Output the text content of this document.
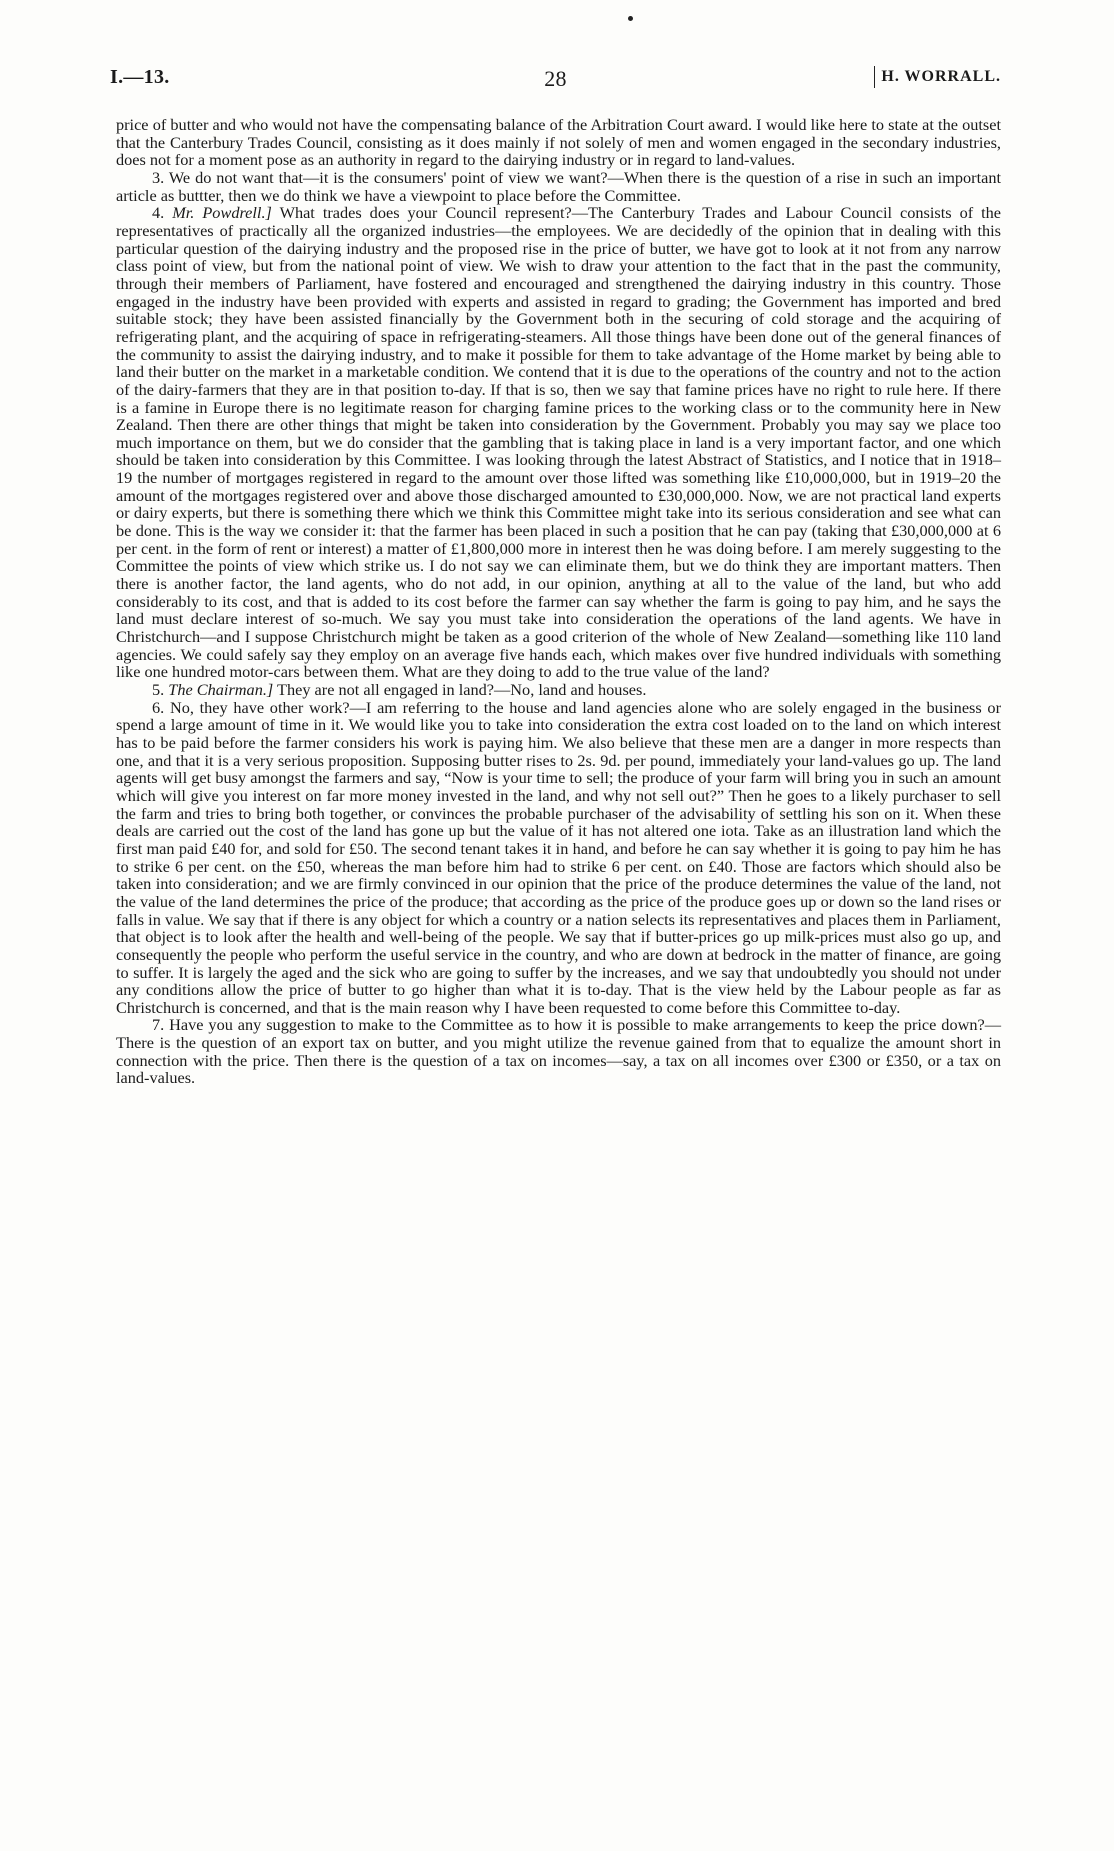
I.—13.	28	H. WORRALL.

price of butter and who would not have the compensating balance of the Arbitration Court award. I would like here to state at the outset that the Canterbury Trades Council, consisting as it does mainly if not solely of men and women engaged in the secondary industries, does not for a moment pose as an authority in regard to the dairying industry or in regard to land-values.

3. We do not want that—it is the consumers' point of view we want?—When there is the question of a rise in such an important article as buttter, then we do think we have a viewpoint to place before the Committee.

4. Mr. Powdrell.] What trades does your Council represent?—The Canterbury Trades and Labour Council consists of the representatives of practically all the organized industries—the employees. We are decidedly of the opinion that in dealing with this particular question of the dairying industry and the proposed rise in the price of butter, we have got to look at it not from any narrow class point of view, but from the national point of view. We wish to draw your attention to the fact that in the past the community, through their members of Parliament, have fostered and encouraged and strengthened the dairying industry in this country. Those engaged in the industry have been provided with experts and assisted in regard to grading; the Government has imported and bred suitable stock; they have been assisted financially by the Government both in the securing of cold storage and the acquiring of refrigerating plant, and the acquiring of space in refrigerating-steamers. All those things have been done out of the general finances of the community to assist the dairying industry, and to make it possible for them to take advantage of the Home market by being able to land their butter on the market in a marketable condition. We contend that it is due to the operations of the country and not to the action of the dairy-farmers that they are in that position to-day. If that is so, then we say that famine prices have no right to rule here. If there is a famine in Europe there is no legitimate reason for charging famine prices to the working class or to the community here in New Zealand. Then there are other things that might be taken into consideration by the Government. Probably you may say we place too much importance on them, but we do consider that the gambling that is taking place in land is a very important factor, and one which should be taken into consideration by this Committee. I was looking through the latest Abstract of Statistics, and I notice that in 1918–19 the number of mortgages registered in regard to the amount over those lifted was something like £10,000,000, but in 1919–20 the amount of the mortgages registered over and above those discharged amounted to £30,000,000. Now, we are not practical land experts or dairy experts, but there is something there which we think this Committee might take into its serious consideration and see what can be done. This is the way we consider it: that the farmer has been placed in such a position that he can pay (taking that £30,000,000 at 6 per cent. in the form of rent or interest) a matter of £1,800,000 more in interest then he was doing before. I am merely suggesting to the Committee the points of view which strike us. I do not say we can eliminate them, but we do think they are important matters. Then there is another factor, the land agents, who do not add, in our opinion, anything at all to the value of the land, but who add considerably to its cost, and that is added to its cost before the farmer can say whether the farm is going to pay him, and he says the land must declare interest of so-much. We say you must take into consideration the operations of the land agents. We have in Christchurch—and I suppose Christchurch might be taken as a good criterion of the whole of New Zealand—something like 110 land agencies. We could safely say they employ on an average five hands each, which makes over five hundred individuals with something like one hundred motor-cars between them. What are they doing to add to the true value of the land?

5. The Chairman.] They are not all engaged in land?—No, land and houses.

6. No, they have other work?—I am referring to the house and land agencies alone who are solely engaged in the business or spend a large amount of time in it. We would like you to take into consideration the extra cost loaded on to the land on which interest has to be paid before the farmer considers his work is paying him. We also believe that these men are a danger in more respects than one, and that it is a very serious proposition. Supposing butter rises to 2s. 9d. per pound, immediately your land-values go up. The land agents will get busy amongst the farmers and say, “Now is your time to sell; the produce of your farm will bring you in such an amount which will give you interest on far more money invested in the land, and why not sell out?” Then he goes to a likely purchaser to sell the farm and tries to bring both together, or convinces the probable purchaser of the advisability of settling his son on it. When these deals are carried out the cost of the land has gone up but the value of it has not altered one iota. Take as an illustration land which the first man paid £40 for, and sold for £50. The second tenant takes it in hand, and before he can say whether it is going to pay him he has to strike 6 per cent. on the £50, whereas the man before him had to strike 6 per cent. on £40. Those are factors which should also be taken into consideration; and we are firmly convinced in our opinion that the price of the produce determines the value of the land, not the value of the land determines the price of the produce; that according as the price of the produce goes up or down so the land rises or falls in value. We say that if there is any object for which a country or a nation selects its representatives and places them in Parliament, that object is to look after the health and well-being of the people. We say that if butter-prices go up milk-prices must also go up, and consequently the people who perform the useful service in the country, and who are down at bedrock in the matter of finance, are going to suffer. It is largely the aged and the sick who are going to suffer by the increases, and we say that undoubtedly you should not under any conditions allow the price of butter to go higher than what it is to-day. That is the view held by the Labour people as far as Christchurch is concerned, and that is the main reason why I have been requested to come before this Committee to-day.

7. Have you any suggestion to make to the Committee as to how it is possible to make arrangements to keep the price down?—There is the question of an export tax on butter, and you might utilize the revenue gained from that to equalize the amount short in connection with the price. Then there is the question of a tax on incomes—say, a tax on all incomes over £300 or £350, or a tax on land-values.
